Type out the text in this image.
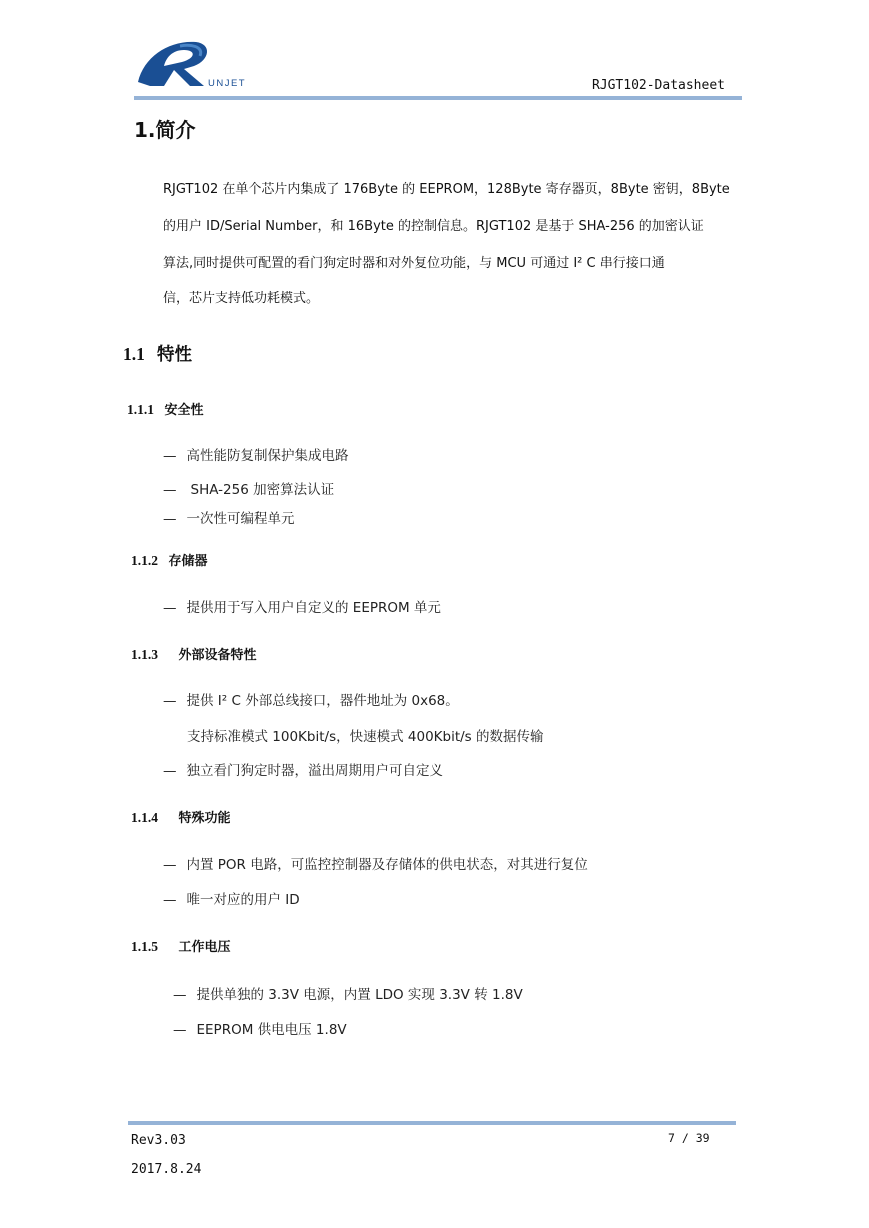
UNJET	RJGT102-Datasheet
1.简介
RJGT102 在单个芯片内集成了 176Byte 的 EEPROM，128Byte 寄存器页，8Byte 密钥，8Byte
的用户 ID/Serial Number，和 16Byte 的控制信息。RJGT102 是基于 SHA-256 的加密认证
算法,同时提供可配置的看门狗定时器和对外复位功能，与 MCU 可通过 I² C 串行接口通
信，芯片支持低功耗模式。
1.1 特性
1.1.1 安全性
— 高性能防复制保护集成电路
— SHA-256 加密算法认证
— 一次性可编程单元
1.1.2 存储器
— 提供用于写入用户自定义的 EEPROM 单元
1.1.3 外部设备特性
— 提供 I² C 外部总线接口，器件地址为 0x68。
支持标准模式 100Kbit/s，快速模式 400Kbit/s 的数据传输
— 独立看门狗定时器，溢出周期用户可自定义
1.1.4 特殊功能
— 内置 POR 电路，可监控控制器及存储体的供电状态，对其进行复位
— 唯一对应的用户 ID
1.1.5 工作电压
— 提供单独的 3.3V 电源，内置 LDO 实现 3.3V 转 1.8V
— EEPROM 供电电压 1.8V
Rev3.03	7 / 39
2017.8.24
